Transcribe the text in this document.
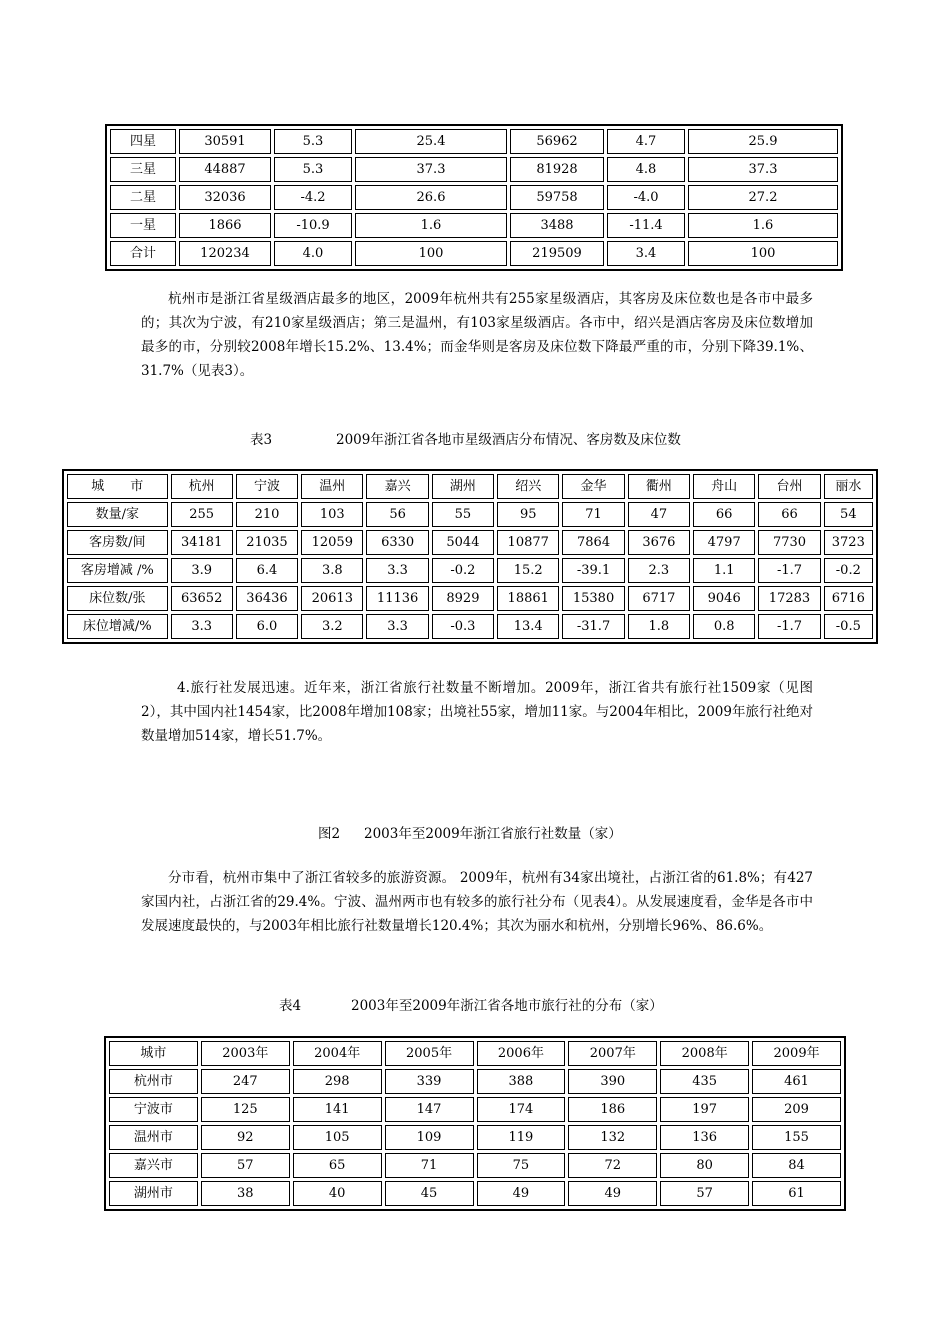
四星	30591	5.3	25.4	56962	4.7	25.9
三星	44887	5.3	37.3	81928	4.8	37.3
二星	32036	-4.2	26.6	59758	-4.0	27.2
一星	1866	-10.9	1.6	3488	-11.4	1.6
合计	120234	4.0	100	219509	3.4	100

杭州市是浙江省星级酒店最多的地区，2009年杭州共有255家星级酒店，其客房及床位数也是各市中最多的；其次为宁波，有210家星级酒店；第三是温州，有103家星级酒店。各市中，绍兴是酒店客房及床位数增加最多的市，分别较2008年增长15.2%、13.4%；而金华则是客房及床位数下降最严重的市，分别下降39.1%、31.7%（见表3）。

表3	2009年浙江省各地市星级酒店分布情况、客房数及床位数
城　　市	杭州	宁波	温州	嘉兴	湖州	绍兴	金华	衢州	舟山	台州	丽水
数量/家	255	210	103	56	55	95	71	47	66	66	54
客房数/间	34181	21035	12059	6330	5044	10877	7864	3676	4797	7730	3723
客房增减 /%	3.9	6.4	3.8	3.3	-0.2	15.2	-39.1	2.3	1.1	-1.7	-0.2
床位数/张	63652	36436	20613	11136	8929	18861	15380	6717	9046	17283	6716
床位增减/%	3.3	6.0	3.2	3.3	-0.3	13.4	-31.7	1.8	0.8	-1.7	-0.5

4.旅行社发展迅速。近年来，浙江省旅行社数量不断增加。2009年，浙江省共有旅行社1509家（见图2），其中国内社1454家，比2008年增加108家；出境社55家，增加11家。与2004年相比，2009年旅行社绝对数量增加514家，增长51.7%。

图2 2003年至2009年浙江省旅行社数量（家）

分市看，杭州市集中了浙江省较多的旅游资源。 2009年，杭州有34家出境社，占浙江省的61.8%；有427家国内社，占浙江省的29.4%。宁波、温州两市也有较多的旅行社分布（见表4）。从发展速度看，金华是各市中发展速度最快的，与2003年相比旅行社数量增长120.4%；其次为丽水和杭州，分别增长96%、86.6%。

表4	2003年至2009年浙江省各地市旅行社的分布（家）
城市	2003年	2004年	2005年	2006年	2007年	2008年	2009年
杭州市	247	298	339	388	390	435	461
宁波市	125	141	147	174	186	197	209
温州市	92	105	109	119	132	136	155
嘉兴市	57	65	71	75	72	80	84
湖州市	38	40	45	49	49	57	61
